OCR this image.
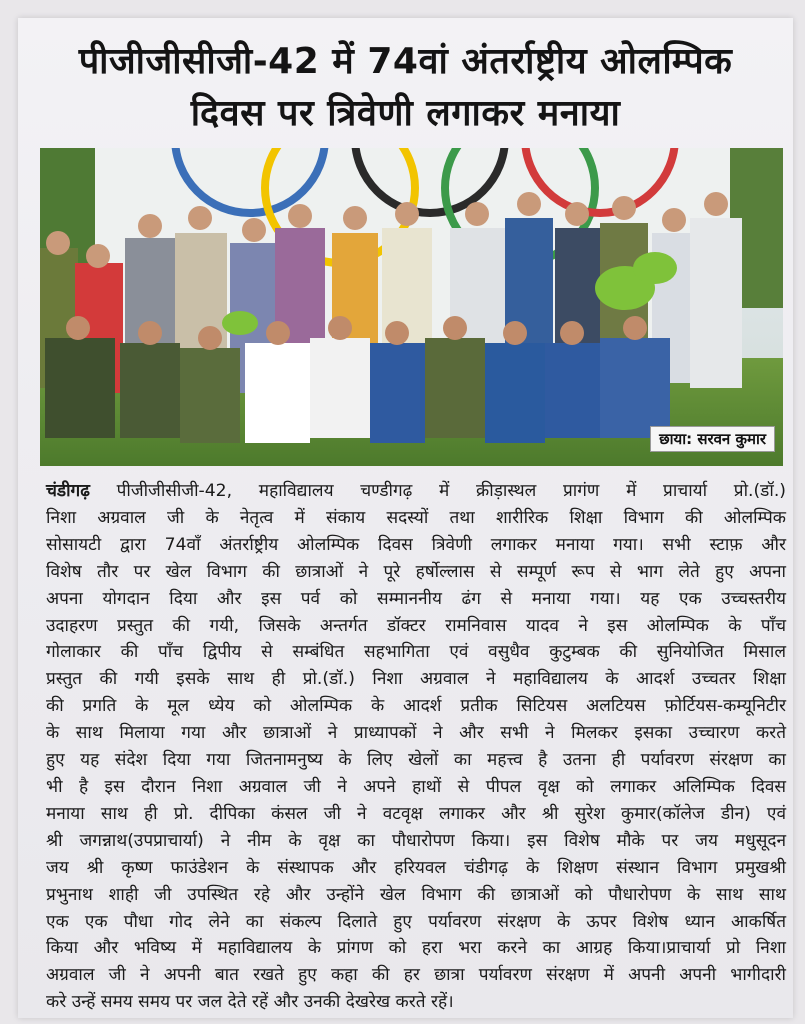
पीजीजीसीजी-42 में 74वां अंतर्राष्ट्रीय ओलम्पिक
दिवस पर त्रिवेणी लगाकर मनाया
छाया: सरवन कुमार
चंडीगढ़ पीजीजीसीजी-42, महाविद्यालय चण्डीगढ़ में क्रीड़ास्थल प्रागंण में प्राचार्या प्रो.(डॉ.)
निशा अग्रवाल जी के नेतृत्व में संकाय सदस्यों तथा शारीरिक शिक्षा विभाग की ओलम्पिक
सोसायटी द्वारा 74वाँ अंतर्राष्ट्रीय ओलम्पिक दिवस त्रिवेणी लगाकर मनाया गया। सभी स्टाफ़ और
विशेष तौर पर खेल विभाग की छात्राओं ने पूरे हर्षोल्लास से सम्पूर्ण रूप से भाग लेते हुए अपना
अपना योगदान दिया और इस पर्व को सम्माननीय ढंग से मनाया गया। यह एक उच्चस्तरीय
उदाहरण प्रस्तुत की गयी, जिसके अन्तर्गत डॉक्टर रामनिवास यादव ने इस ओलम्पिक के पाँच
गोलाकार की पाँच द्विपीय से सम्बंधित सहभागिता एवं वसुधैव कुटुम्बक की सुनियोजित मिसाल
प्रस्तुत की गयी इसके साथ ही प्रो.(डॉ.) निशा अग्रवाल ने महाविद्यालय के आदर्श उच्चतर शिक्षा
की प्रगति के मूल ध्येय को ओलम्पिक के आदर्श प्रतीक सिटियस अलटियस फ़ोर्टियस-कम्यूनिटीर
के साथ मिलाया गया और छात्राओं ने प्राध्यापकों ने और सभी ने मिलकर इसका उच्चारण करते
हुए यह संदेश दिया गया जितनामनुष्य के लिए खेलों का महत्त्व है उतना ही पर्यावरण संरक्षण का
भी है इस दौरान निशा अग्रवाल जी ने अपने हाथों से पीपल वृक्ष को लगाकर अलिम्पिक दिवस
मनाया साथ ही प्रो. दीपिका कंसल जी ने वटवृक्ष लगाकर और श्री सुरेश कुमार(कॉलेज डीन) एवं
श्री जगन्नाथ(उपप्राचार्या) ने नीम के वृक्ष का पौधारोपण किया। इस विशेष मौके पर जय मधुसूदन
जय श्री कृष्ण फाउंडेशन के संस्थापक और हरियवल चंडीगढ़ के शिक्षण संस्थान विभाग प्रमुखश्री
प्रभुनाथ शाही जी उपस्थित रहे और उन्होंने खेल विभाग की छात्राओं को पौधारोपण के साथ साथ
एक एक पौधा गोद लेने का संकल्प दिलाते हुए पर्यावरण संरक्षण के ऊपर विशेष ध्यान आकर्षित
किया और भविष्य में महाविद्यालय के प्रांगण को हरा भरा करने का आग्रह किया।प्राचार्या प्रो निशा
अग्रवाल जी ने अपनी बात रखते हुए कहा की हर छात्रा पर्यावरण संरक्षण में अपनी अपनी भागीदारी
करे उन्हें समय समय पर जल देते रहें और उनकी देखरेख करते रहें।
